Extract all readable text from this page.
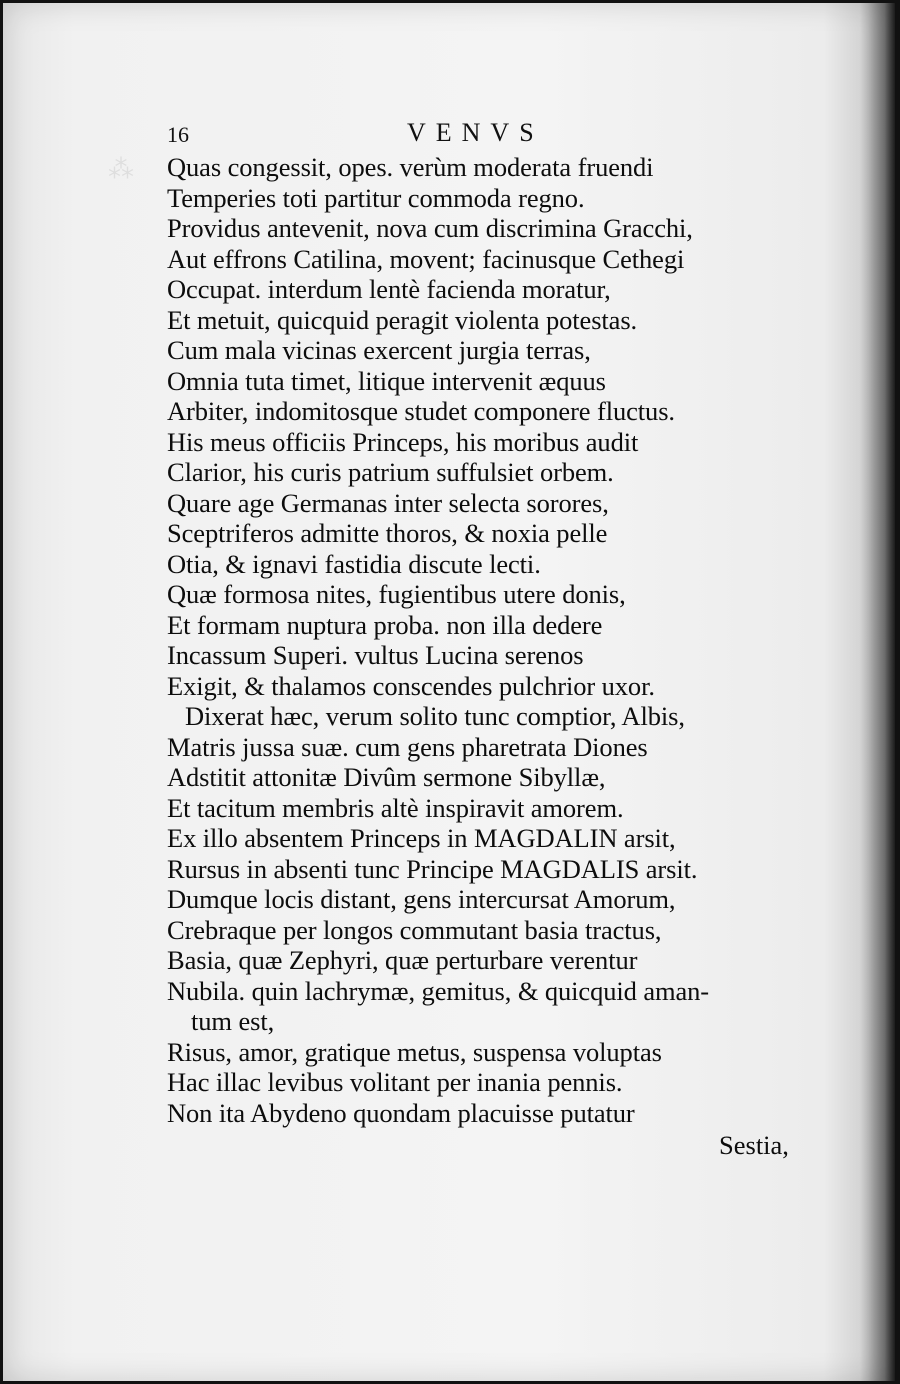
⁂
16	VENVS
Quas congessit, opes. verùm moderata fruendi
Temperies toti partitur commoda regno.
Providus antevenit, nova cum discrimina Gracchi,
Aut effrons Catilina, movent; facinusque Cethegi
Occupat. interdum lentè facienda moratur,
Et metuit, quicquid peragit violenta potestas.
Cum mala vicinas exercent jurgia terras,
Omnia tuta timet, litique intervenit æquus
Arbiter, indomitosque studet componere fluctus.
His meus officiis Princeps, his moribus audit
Clarior, his curis patrium suffulsiet orbem.
Quare age Germanas inter selecta sorores,
Sceptriferos admitte thoros, & noxia pelle
Otia, & ignavi fastidia discute lecti.
Quæ formosa nites, fugientibus utere donis,
Et formam nuptura proba. non illa dedere
Incassum Superi. vultus Lucina serenos
Exigit, & thalamos conscendes pulchrior uxor.
Dixerat hæc, verum solito tunc comptior, Albis,
Matris jussa suæ. cum gens pharetrata Diones
Adstitit attonitæ Divûm sermone Sibyllæ,
Et tacitum membris altè inspiravit amorem.
Ex illo absentem Princeps in MAGDALIN arsit,
Rursus in absenti tunc Principe MAGDALIS arsit.
Dumque locis distant, gens intercursat Amorum,
Crebraque per longos commutant basia tractus,
Basia, quæ Zephyri, quæ perturbare verentur
Nubila. quin lachrymæ, gemitus, & quicquid aman-
tum est,
Risus, amor, gratique metus, suspensa voluptas
Hac illac levibus volitant per inania pennis.
Non ita Abydeno quondam placuisse putatur
Sestia,
